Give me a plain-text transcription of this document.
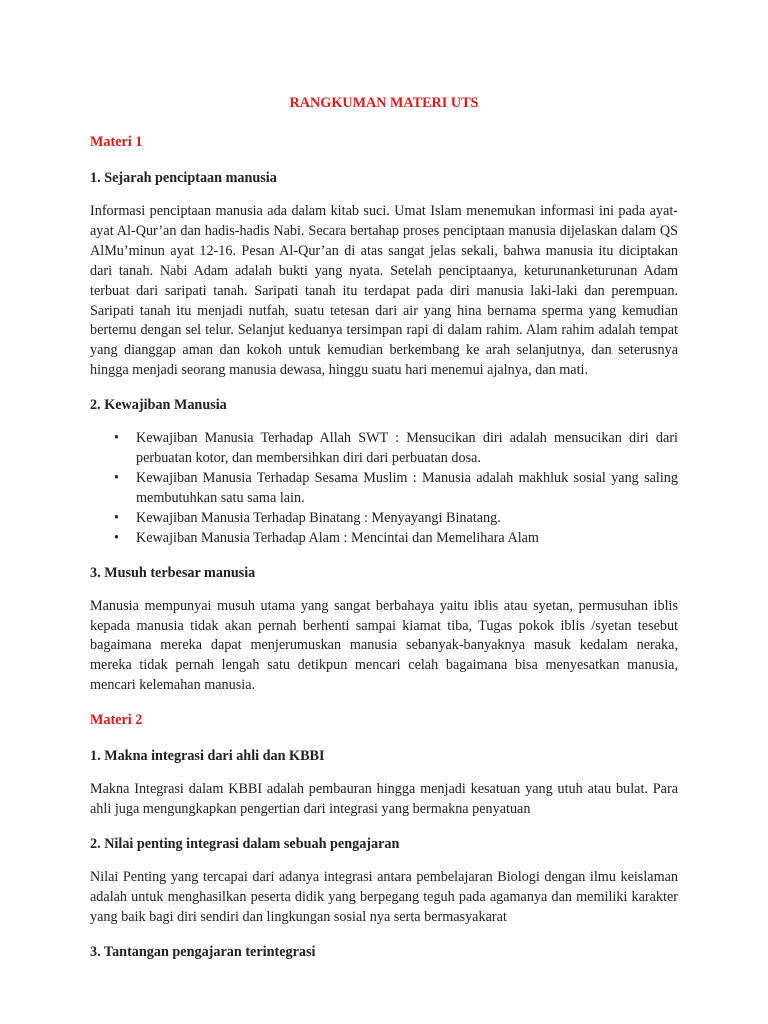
RANGKUMAN MATERI UTS
Materi 1
1. Sejarah penciptaan manusia

Informasi penciptaan manusia ada dalam kitab suci. Umat Islam menemukan informasi ini pada ayat-ayat Al-Qur’an dan hadis-hadis Nabi. Secara bertahap proses penciptaan manusia dijelaskan dalam QS AlMu’minun ayat 12-16. Pesan Al-Qur’an di atas sangat jelas sekali, bahwa manusia itu diciptakan dari tanah. Nabi Adam adalah bukti yang nyata. Setelah penciptaanya, keturunanketurunan Adam terbuat dari saripati tanah. Saripati tanah itu terdapat pada diri manusia laki-laki dan perempuan. Saripati tanah itu menjadi nutfah, suatu tetesan dari air yang hina bernama sperma yang kemudian bertemu dengan sel telur. Selanjut keduanya tersimpan rapi di dalam rahim. Alam rahim adalah tempat yang dianggap aman dan kokoh untuk kemudian berkembang ke arah selanjutnya, dan seterusnya hingga menjadi seorang manusia dewasa, hinggu suatu hari menemui ajalnya, dan mati.

2. Kewajiban Manusia
• Kewajiban Manusia Terhadap Allah SWT : Mensucikan diri adalah mensucikan diri dari perbuatan kotor, dan membersihkan diri dari perbuatan dosa.
• Kewajiban Manusia Terhadap Sesama Muslim : Manusia adalah makhluk sosial yang saling membutuhkan satu sama lain.
• Kewajiban Manusia Terhadap Binatang : Menyayangi Binatang.
• Kewajiban Manusia Terhadap Alam : Mencintai dan Memelihara Alam
3. Musuh terbesar manusia

Manusia mempunyai musuh utama yang sangat berbahaya yaitu iblis atau syetan, permusuhan iblis kepada manusia tidak akan pernah berhenti sampai kiamat tiba, Tugas pokok iblis /syetan tesebut bagaimana mereka dapat menjerumuskan manusia sebanyak-banyaknya masuk kedalam neraka, mereka tidak pernah lengah satu detikpun mencari celah bagaimana bisa menyesatkan manusia, mencari kelemahan manusia.

Materi 2
1. Makna integrasi dari ahli dan KBBI

Makna Integrasi dalam KBBI adalah pembauran hingga menjadi kesatuan yang utuh atau bulat. Para ahli juga mengungkapkan pengertian dari integrasi yang bermakna penyatuan

2. Nilai penting integrasi dalam sebuah pengajaran

Nilai Penting yang tercapai dari adanya integrasi antara pembelajaran Biologi dengan ilmu keislaman adalah untuk menghasilkan peserta didik yang berpegang teguh pada agamanya dan memiliki karakter yang baik bagi diri sendiri dan lingkungan sosial nya serta bermasyakarat

3. Tantangan pengajaran terintegrasi
